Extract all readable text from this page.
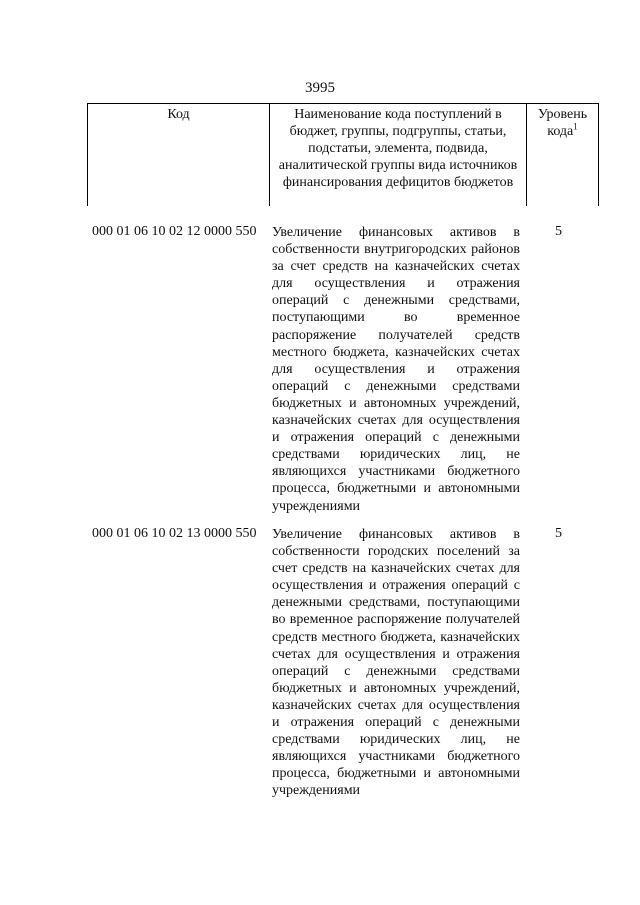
3995
Код	Наименование кода поступлений в бюджет, группы, подгруппы, статьи, подстатьи, элемента, подвида, аналитической группы вида источников финансирования дефицитов бюджетов
Уровень кода$^1$
000 01 06 10 02 12 0000 550 Увеличение финансовых активов в собственности внутригородских районов за счет средств на казначейских счетах для осуществления и отражения операций с денежными средствами, поступающими во временное распоряжение получателей средств местного бюджета, казначейских счетах для осуществления и отражения операций с денежными средствами бюджетных и автономных учреждений, казначейских счетах для осуществления и отражения операций с денежными средствами юридических лиц, не являющихся участниками бюджетного процесса, бюджетными и автономными учреждениями
5
000 01 06 10 02 13 0000 550 Увеличение финансовых активов в собственности городских поселений за счет средств на казначейских счетах для осуществления и отражения операций с денежными средствами, поступающими во временное распоряжение получателей средств местного бюджета, казначейских счетах для осуществления и отражения операций с денежными средствами бюджетных и автономных учреждений, казначейских счетах для осуществления и отражения операций с денежными средствами юридических лиц, не являющихся участниками бюджетного процесса, бюджетными и автономными учреждениями
5
